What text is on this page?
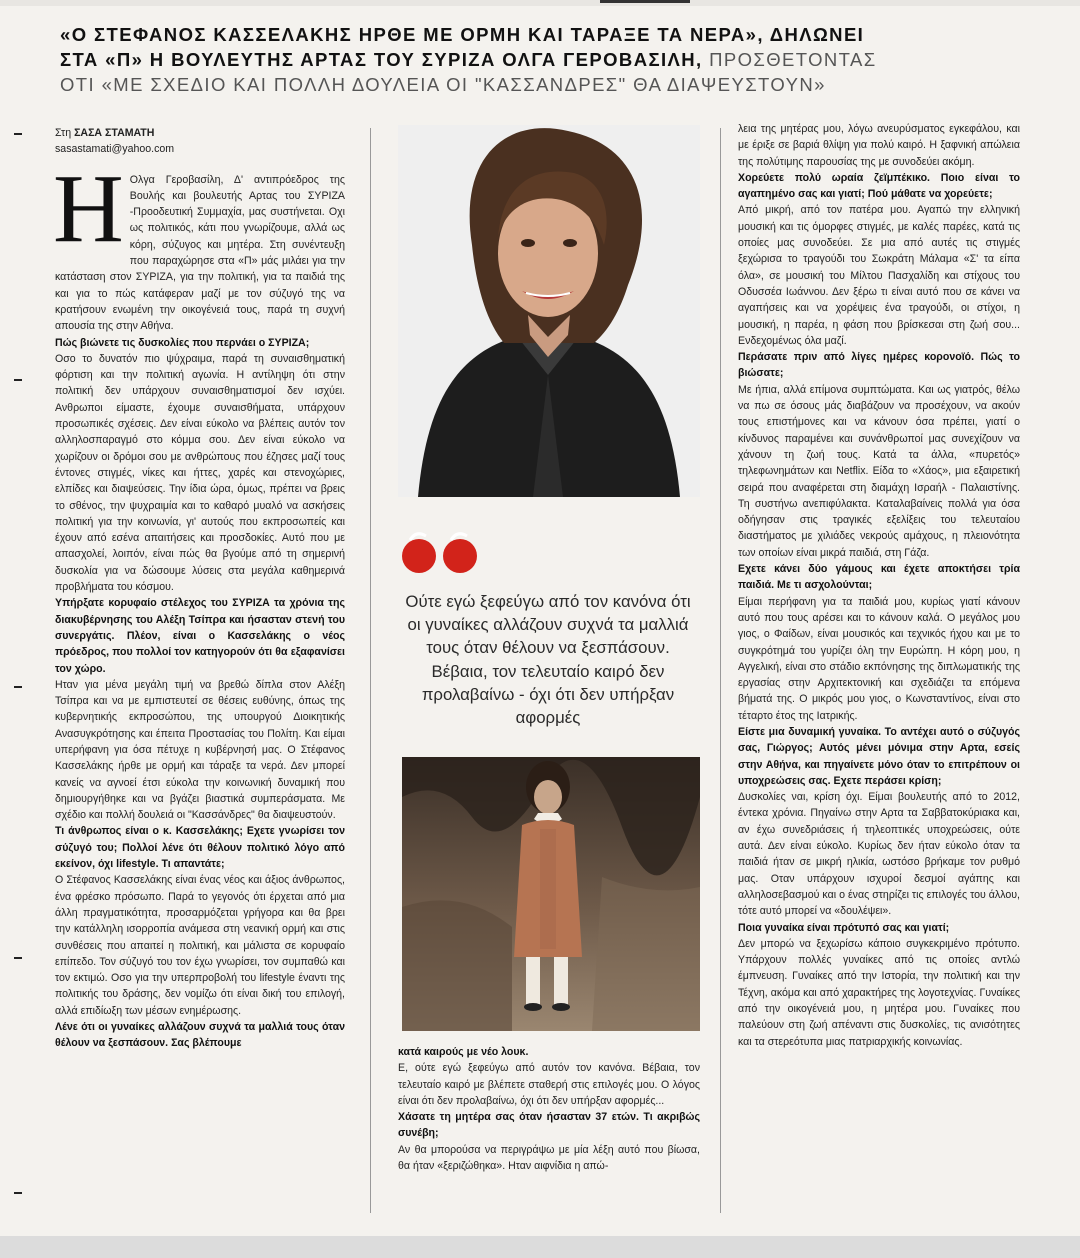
«Ο ΣΤΕΦΑΝΟΣ ΚΑΣΣΕΛΑΚΗΣ ΗΡΘΕ ΜΕ ΟΡΜΗ ΚΑΙ ΤΑΡΑΞΕ ΤΑ ΝΕΡΑ», ΔΗΛΩΝΕΙ
ΣΤΑ «Π» Η ΒΟΥΛΕΥΤΗΣ ΑΡΤΑΣ ΤΟΥ ΣΥΡΙΖΑ ΟΛΓΑ ΓΕΡΟΒΑΣΙΛΗ, ΠΡΟΣΘΕΤΟΝΤΑΣ
ΟΤΙ «ΜΕ ΣΧΕΔΙΟ ΚΑΙ ΠΟΛΛΗ ΔΟΥΛΕΙΑ ΟΙ "ΚΑΣΣΑΝΔΡΕΣ" ΘΑ ΔΙΑΨΕΥΣΤΟΥΝ»

Στη ΣΑΣΑ ΣΤΑΜΑΤΗ

sasastamati@yahoo.com

Η Ολγα Γεροβασίλη, Δ' αντιπρόεδρος της Βουλής και βουλευτής Αρτας του ΣΥΡΙΖΑ -Προοδευτική Συμμαχία, μας συστήνεται. Οχι ως πολιτικός, κάτι που γνωρίζουμε, αλλά ως κόρη, σύζυγος και μητέρα. Στη συνέντευξη που παραχώρησε στα «Π» μάς μιλάει για την κατάσταση στον ΣΥΡΙΖΑ, για την πολιτική, για τα παιδιά της και για το πώς κατάφεραν μαζί με τον σύζυγό της να κρατήσουν ενωμένη την οικογένειά τους, παρά τη συχνή απουσία της στην Αθήνα.

Πώς βιώνετε τις δυσκολίες που περνάει ο ΣΥΡΙΖΑ;

Οσο το δυνατόν πιο ψύχραιμα, παρά τη συναισθηματική φόρτιση και την πολιτική αγωνία. Η αντίληψη ότι στην πολιτική δεν υπάρχουν συναισθηματισμοί δεν ισχύει. Ανθρωποι είμαστε, έχουμε συναισθήματα, υπάρχουν προσωπικές σχέσεις. Δεν είναι εύκολο να βλέπεις αυτόν τον αλληλοσπαραγμό στο κόμμα σου. Δεν είναι εύκολο να χωρίζουν οι δρόμοι σου με ανθρώπους που έζησες μαζί τους έντονες στιγμές, νίκες και ήττες, χαρές και στενοχώριες, ελπίδες και διαψεύσεις. Την ίδια ώρα, όμως, πρέπει να βρεις το σθένος, την ψυχραιμία και το καθαρό μυαλό να ασκήσεις πολιτική για την κοινωνία, γι' αυτούς που εκπροσωπείς και έχουν από εσένα απαιτήσεις και προσδοκίες. Αυτό που με απασχολεί, λοιπόν, είναι πώς θα βγούμε από τη σημερινή δυσκολία για να δώσουμε λύσεις στα μεγάλα καθημερινά προβλήματα του κόσμου.

Υπήρξατε κορυφαίο στέλεχος του ΣΥΡΙΖΑ τα χρόνια της διακυβέρνησης του Αλέξη Τσίπρα και ήσασταν στενή του συνεργάτις. Πλέον, είναι ο Κασσελάκης ο νέος πρόεδρος, που πολλοί τον κατηγορούν ότι θα εξαφανίσει τον χώρο.

Ηταν για μένα μεγάλη τιμή να βρεθώ δίπλα στον Αλέξη Τσίπρα και να με εμπιστευτεί σε θέσεις ευθύνης, όπως της κυβερνητικής εκπροσώπου, της υπουργού Διοικητικής Ανασυγκρότησης και έπειτα Προστασίας του Πολίτη. Και είμαι υπερήφανη για όσα πέτυχε η κυβέρνησή μας. Ο Στέφανος Κασσελάκης ήρθε με ορμή και τάραξε τα νερά. Δεν μπορεί κανείς να αγνοεί έτσι εύκολα την κοινωνική δυναμική που δημιουργήθηκε και να βγάζει βιαστικά συμπεράσματα. Με σχέδιο και πολλή δουλειά οι "Κασσάνδρες" θα διαψευστούν.

Τι άνθρωπος είναι ο κ. Κασσελάκης; Εχετε γνωρίσει τον σύζυγό του; Πολλοί λένε ότι θέλουν πολιτικό λόγο από εκείνον, όχι lifestyle. Τι απαντάτε;

Ο Στέφανος Κασσελάκης είναι ένας νέος και άξιος άνθρωπος, ένα φρέσκο πρόσωπο. Παρά το γεγονός ότι έρχεται από μια άλλη πραγματικότητα, προσαρμόζεται γρήγορα και θα βρει την κατάλληλη ισορροπία ανάμεσα στη νεανική ορμή και στις συνθέσεις που απαιτεί η πολιτική, και μάλιστα σε κορυφαίο επίπεδο. Τον σύζυγό του τον έχω γνωρίσει, τον συμπαθώ και τον εκτιμώ. Οσο για την υπερπροβολή του lifestyle έναντι της πολιτικής του δράσης, δεν νομίζω ότι είναι δική του επιλογή, αλλά επιδίωξη των μέσων ενημέρωσης.

Λένε ότι οι γυναίκες αλλάζουν συχνά τα μαλλιά τους όταν θέλουν να ξεσπάσουν. Σας βλέπουμε

Ούτε εγώ ξεφεύγω από τον κανόνα ότι οι γυναίκες αλλάζουν συχνά τα μαλλιά τους όταν θέλουν να ξεσπάσουν. Βέβαια, τον τελευταίο καιρό δεν προλαβαίνω - όχι ότι δεν υπήρξαν αφορμές

κατά καιρούς με νέο λουκ.

Ε, ούτε εγώ ξεφεύγω από αυτόν τον κανόνα. Βέβαια, τον τελευταίο καιρό με βλέπετε σταθερή στις επιλογές μου. Ο λόγος είναι ότι δεν προλαβαίνω, όχι ότι δεν υπήρξαν αφορμές...

Χάσατε τη μητέρα σας όταν ήσασταν 37 ετών. Τι ακριβώς συνέβη;

Αν θα μπορούσα να περιγράψω με μία λέξη αυτό που βίωσα, θα ήταν «ξεριζώθηκα». Ηταν αιφνίδια η απώ-

λεια της μητέρας μου, λόγω ανευρύσματος εγκεφάλου, και με έριξε σε βαριά θλίψη για πολύ καιρό. Η ξαφνική απώλεια της πολύτιμης παρουσίας της με συνοδεύει ακόμη.

Χορεύετε πολύ ωραία ζεϊμπέκικο. Ποιο είναι το αγαπημένο σας και γιατί; Πού μάθατε να χορεύετε;

Από μικρή, από τον πατέρα μου. Αγαπώ την ελληνική μουσική και τις όμορφες στιγμές, με καλές παρέες, κατά τις οποίες μας συνοδεύει. Σε μια από αυτές τις στιγμές ξεχώρισα το τραγούδι του Σωκράτη Μάλαμα «Σ' τα είπα όλα», σε μουσική του Μίλτου Πασχαλίδη και στίχους του Οδυσσέα Ιωάννου. Δεν ξέρω τι είναι αυτό που σε κάνει να αγαπήσεις και να χορέψεις ένα τραγούδι, οι στίχοι, η μουσική, η παρέα, η φάση που βρίσκεσαι στη ζωή σου... Ενδεχομένως όλα μαζί.

Περάσατε πριν από λίγες ημέρες κορονοϊό. Πώς το βιώσατε;

Με ήπια, αλλά επίμονα συμπτώματα. Και ως γιατρός, θέλω να πω σε όσους μάς διαβάζουν να προσέχουν, να ακούν τους επιστήμονες και να κάνουν όσα πρέπει, γιατί ο κίνδυνος παραμένει και συνάνθρωποί μας συνεχίζουν να χάνουν τη ζωή τους. Κατά τα άλλα, «πυρετός» τηλεφωνημάτων και Netflix. Είδα το «Χάος», μια εξαιρετική σειρά που αναφέρεται στη διαμάχη Ισραήλ - Παλαιστίνης. Τη συστήνω ανεπιφύλακτα. Καταλαβαίνεις πολλά για όσα οδήγησαν στις τραγικές εξελίξεις του τελευταίου διαστήματος με χιλιάδες νεκρούς αμάχους, η πλειονότητα των οποίων είναι μικρά παιδιά, στη Γάζα.

Εχετε κάνει δύο γάμους και έχετε αποκτήσει τρία παιδιά. Με τι ασχολούνται;

Είμαι περήφανη για τα παιδιά μου, κυρίως γιατί κάνουν αυτό που τους αρέσει και το κάνουν καλά. Ο μεγάλος μου γιος, ο Φαίδων, είναι μουσικός και τεχνικός ήχου και με το συγκρότημά του γυρίζει όλη την Ευρώπη. Η κόρη μου, η Αγγελική, είναι στο στάδιο εκπόνησης της διπλωματικής της εργασίας στην Αρχιτεκτονική και σχεδιάζει τα επόμενα βήματά της. Ο μικρός μου γιος, ο Κωνσταντίνος, είναι στο τέταρτο έτος της Ιατρικής.

Είστε μια δυναμική γυναίκα. Το αντέχει αυτό ο σύζυγός σας, Γιώργος; Αυτός μένει μόνιμα στην Αρτα, εσείς στην Αθήνα, και πηγαίνετε μόνο όταν το επιτρέπουν οι υποχρεώσεις σας. Εχετε περάσει κρίση;

Δυσκολίες ναι, κρίση όχι. Είμαι βουλευτής από το 2012, έντεκα χρόνια. Πηγαίνω στην Αρτα τα Σαββατοκύριακα και, αν έχω συνεδριάσεις ή τηλεοπτικές υποχρεώσεις, ούτε αυτά. Δεν είναι εύκολο. Κυρίως δεν ήταν εύκολο όταν τα παιδιά ήταν σε μικρή ηλικία, ωστόσο βρήκαμε τον ρυθμό μας. Οταν υπάρχουν ισχυροί δεσμοί αγάπης και αλληλοσεβασμού και ο ένας στηρίζει τις επιλογές του άλλου, τότε αυτό μπορεί να «δουλέψει».

Ποια γυναίκα είναι πρότυπό σας και γιατί;

Δεν μπορώ να ξεχωρίσω κάποιο συγκεκριμένο πρότυπο. Υπάρχουν πολλές γυναίκες από τις οποίες αντλώ έμπνευση. Γυναίκες από την Ιστορία, την πολιτική και την Τέχνη, ακόμα και από χαρακτήρες της λογοτεχνίας. Γυναίκες από την οικογένειά μου, η μητέρα μου. Γυναίκες που παλεύουν στη ζωή απέναντι στις δυσκολίες, τις ανισότητες και τα στερεότυπα μιας πατριαρχικής κοινωνίας.
